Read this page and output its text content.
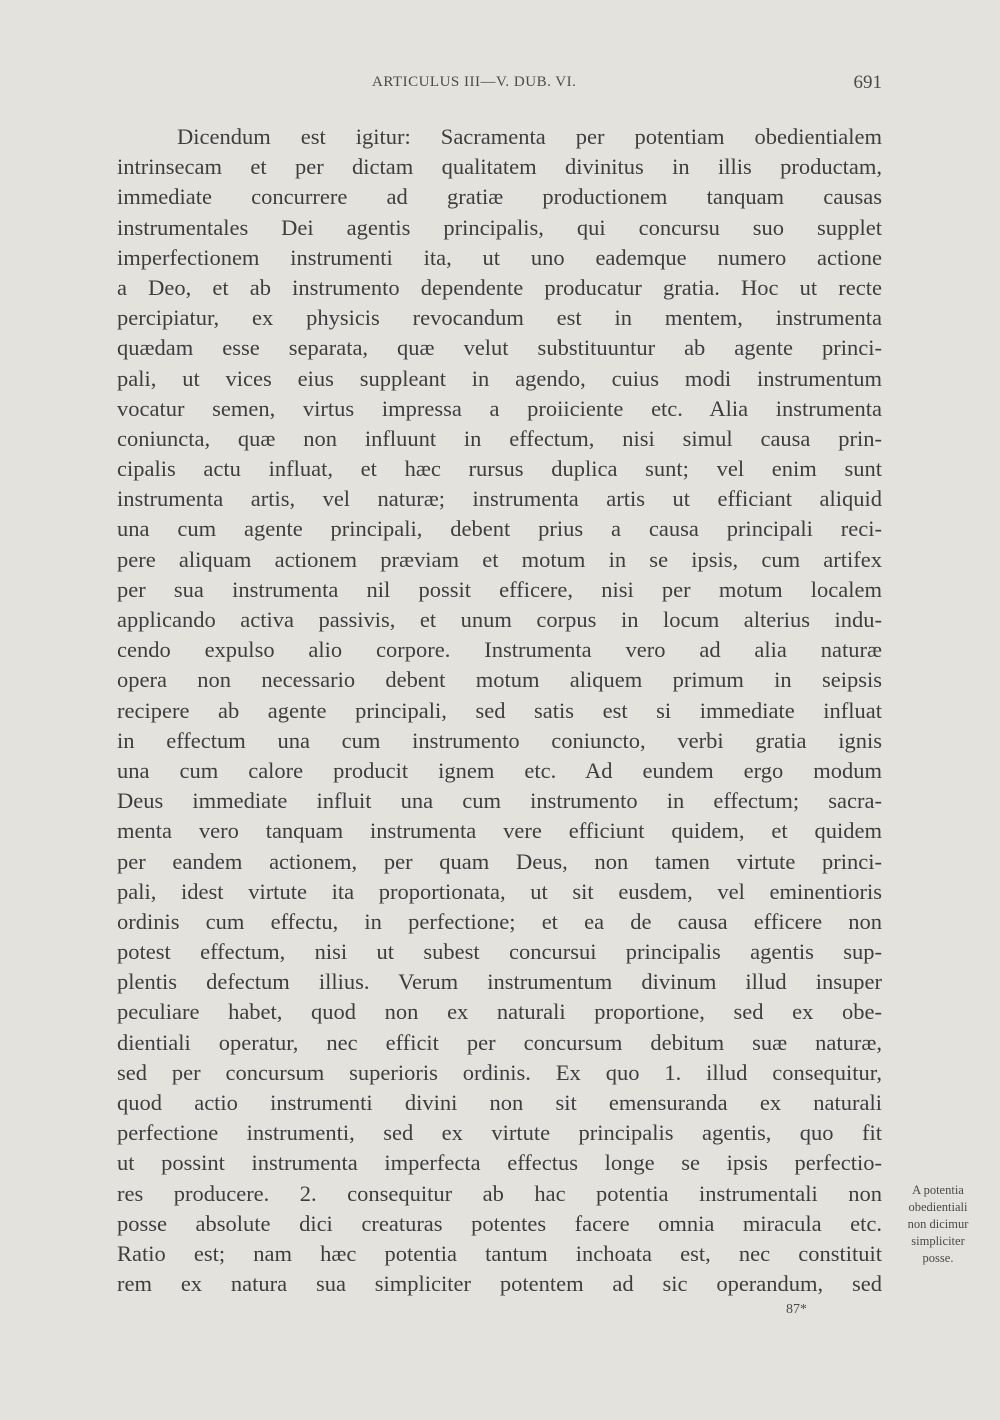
ARTICULUS III—V. DUB. VI.	691
Dicendum est igitur: Sacramenta per potentiam obedientialem
intrinsecam et per dictam qualitatem divinitus in illis productam,
immediate concurrere ad gratiæ productionem tanquam causas
instrumentales Dei agentis principalis, qui concursu suo supplet
imperfectionem instrumenti ita, ut uno eademque numero actione
a Deo, et ab instrumento dependente producatur gratia. Hoc ut recte
percipiatur, ex physicis revocandum est in mentem, instrumenta
quædam esse separata, quæ velut substituuntur ab agente princi-
pali, ut vices eius suppleant in agendo, cuius modi instrumentum
vocatur semen, virtus impressa a proiiciente etc. Alia instrumenta
coniuncta, quæ non influunt in effectum, nisi simul causa prin-
cipalis actu influat, et hæc rursus duplica sunt; vel enim sunt
instrumenta artis, vel naturæ; instrumenta artis ut efficiant aliquid
una cum agente principali, debent prius a causa principali reci-
pere aliquam actionem præviam et motum in se ipsis, cum artifex
per sua instrumenta nil possit efficere, nisi per motum localem
applicando activa passivis, et unum corpus in locum alterius indu-
cendo expulso alio corpore. Instrumenta vero ad alia naturæ
opera non necessario debent motum aliquem primum in seipsis
recipere ab agente principali, sed satis est si immediate influat
in effectum una cum instrumento coniuncto, verbi gratia ignis
una cum calore producit ignem etc. Ad eundem ergo modum
Deus immediate influit una cum instrumento in effectum; sacra-
menta vero tanquam instrumenta vere efficiunt quidem, et quidem
per eandem actionem, per quam Deus, non tamen virtute princi-
pali, idest virtute ita proportionata, ut sit eusdem, vel eminentioris
ordinis cum effectu, in perfectione; et ea de causa efficere non
potest effectum, nisi ut subest concursui principalis agentis sup-
plentis defectum illius. Verum instrumentum divinum illud insuper
peculiare habet, quod non ex naturali proportione, sed ex obe-
dientiali operatur, nec efficit per concursum debitum suæ naturæ,
sed per concursum superioris ordinis. Ex quo 1. illud consequitur,
quod actio instrumenti divini non sit emensuranda ex naturali
perfectione instrumenti, sed ex virtute principalis agentis, quo fit
ut possint instrumenta imperfecta effectus longe se ipsis perfectio-
res producere. 2. consequitur ab hac potentia instrumentali non
posse absolute dici creaturas potentes facere omnia miracula etc.
Ratio est; nam hæc potentia tantum inchoata est, nec constituit
rem ex natura sua simpliciter potentem ad sic operandum, sed
A potentia
obedientiali
non dicimur
simpliciter
posse.
87*
